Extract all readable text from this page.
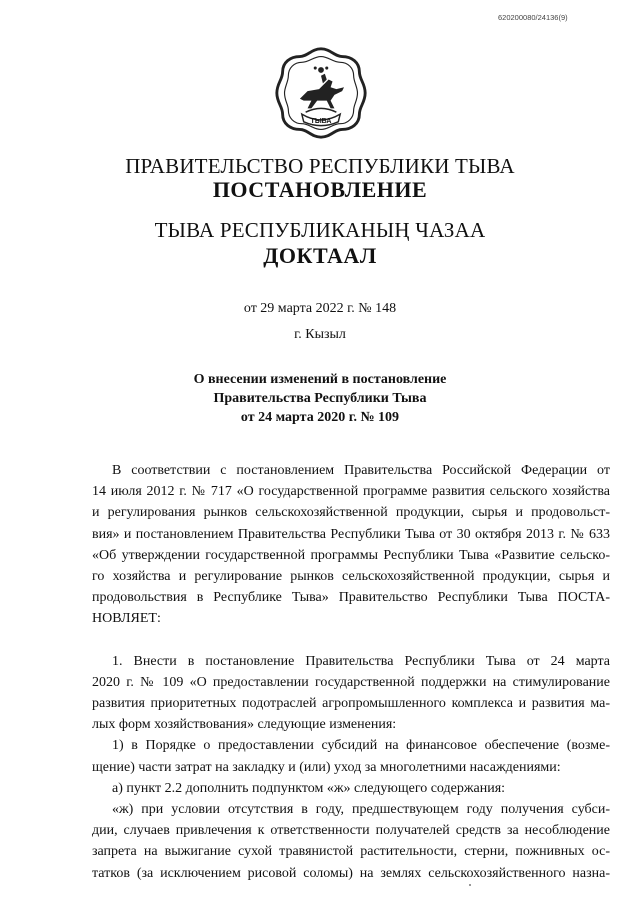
620200080/24136(9)
ТЫВА
ПРАВИТЕЛЬСТВО РЕСПУБЛИКИ ТЫВА
ПОСТАНОВЛЕНИЕ
ТЫВА РЕСПУБЛИКАНЫҢ ЧАЗАА
ДОКТААЛ
от 29 марта 2022 г. № 148
г. Кызыл
О внесении изменений в постановление
Правительства Республики Тыва
от 24 марта 2020 г. № 109
В соответствии с постановлением Правительства Российской Федерации от
14 июля 2012 г. № 717 «О государственной программе развития сельского хозяйства
и регулирования рынков сельскохозяйственной продукции, сырья и продовольст-
вия» и постановлением Правительства Республики Тыва от 30 октября 2013 г. № 633
«Об утверждении государственной программы Республики Тыва «Развитие сельско-
го хозяйства и регулирование рынков сельскохозяйственной продукции, сырья и
продовольствия в Республике Тыва» Правительство Республики Тыва ПОСТА-
НОВЛЯЕТ:
1. Внести в постановление Правительства Республики Тыва от 24 марта
2020 г. № 109 «О предоставлении государственной поддержки на стимулирование
развития приоритетных подотраслей агропромышленного комплекса и развития ма-
лых форм хозяйствования» следующие изменения:
1) в Порядке о предоставлении субсидий на финансовое обеспечение (возме-
щение) части затрат на закладку и (или) уход за многолетними насаждениями:
а) пункт 2.2 дополнить подпунктом «ж» следующего содержания:
«ж) при условии отсутствия в году, предшествующем году получения субси-
дии, случаев привлечения к ответственности получателей средств за несоблюдение
запрета на выжигание сухой травянистой растительности, стерни, пожнивных ос-
татков (за исключением рисовой соломы) на землях сельскохозяйственного назна-
